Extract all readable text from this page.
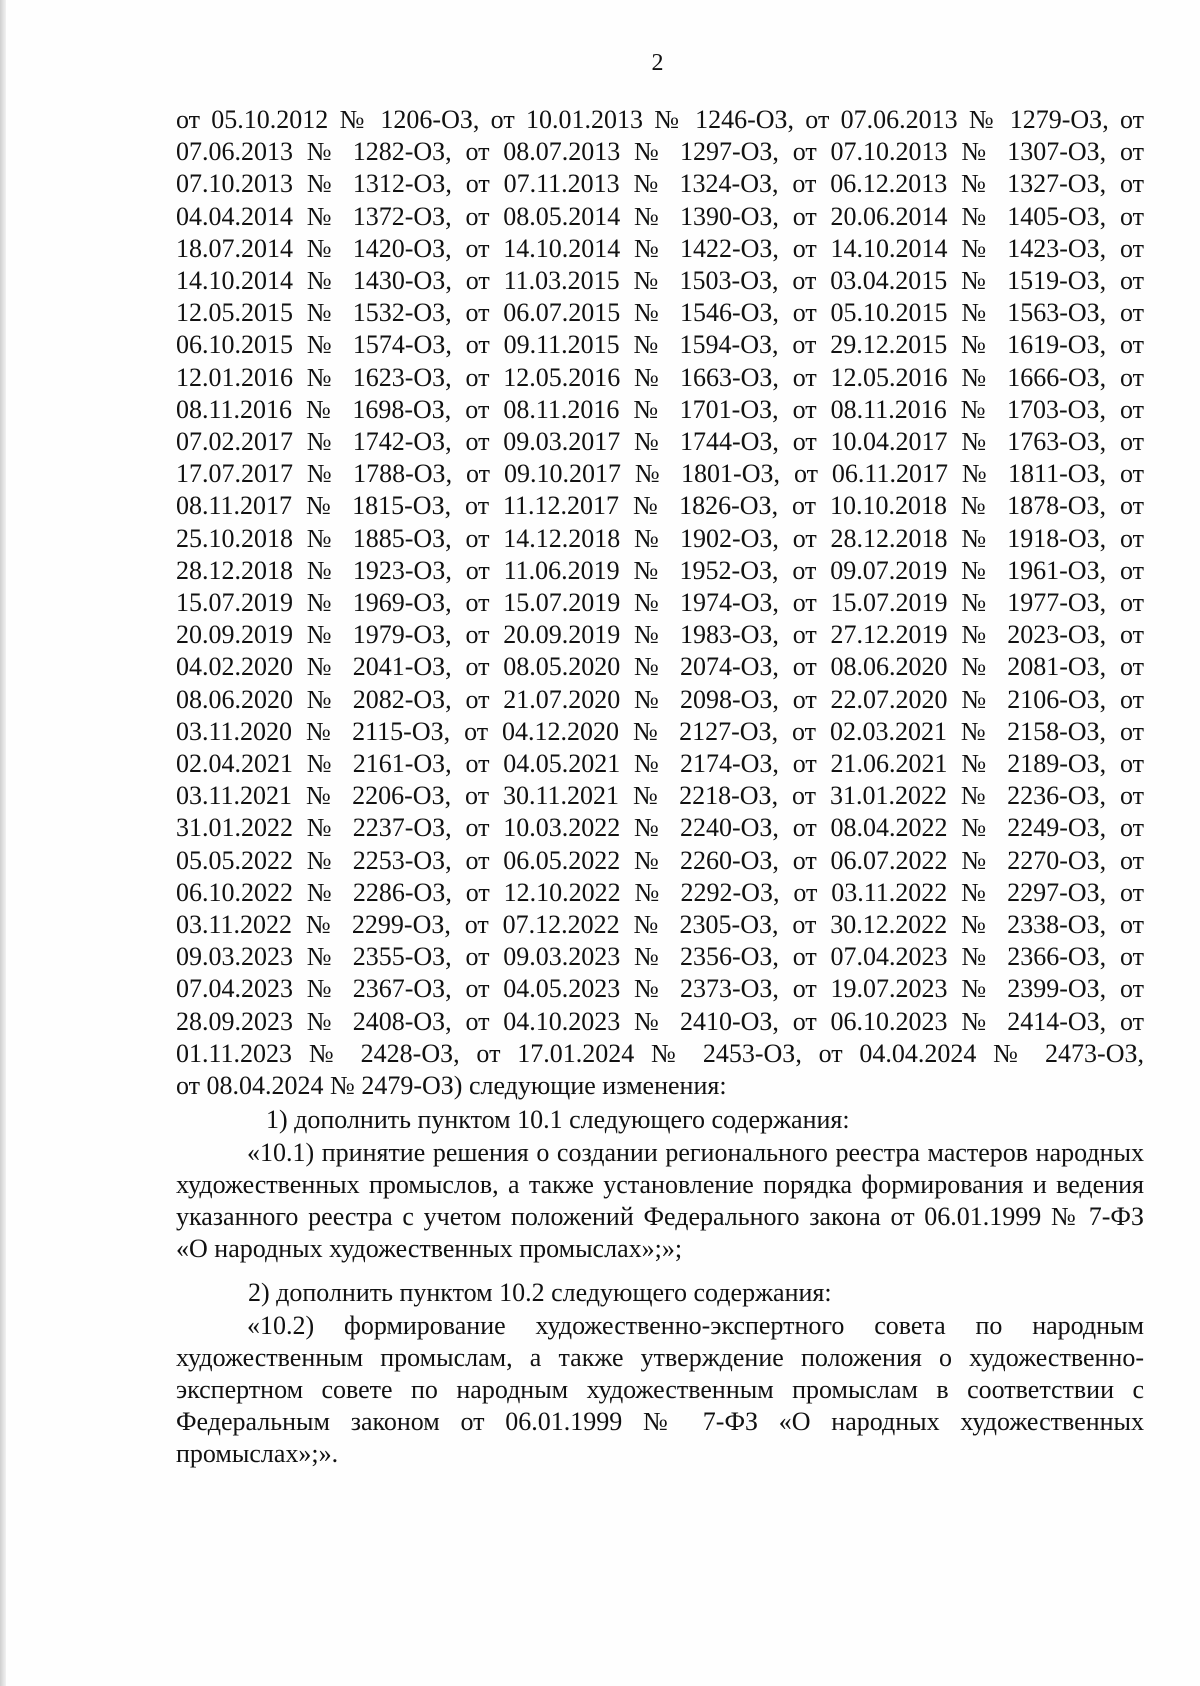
2

от 05.10.2012 № 1206-ОЗ, от 10.01.2013 № 1246-ОЗ, от 07.06.2013 № 1279-ОЗ, от 07.06.2013 № 1282-ОЗ, от 08.07.2013 № 1297-ОЗ, от 07.10.2013 № 1307-ОЗ, от 07.10.2013 № 1312-ОЗ, от 07.11.2013 № 1324-ОЗ, от 06.12.2013 № 1327-ОЗ, от 04.04.2014 № 1372-ОЗ, от 08.05.2014 № 1390-ОЗ, от 20.06.2014 № 1405-ОЗ, от 18.07.2014 № 1420-ОЗ, от 14.10.2014 № 1422-ОЗ, от 14.10.2014 № 1423-ОЗ, от 14.10.2014 № 1430-ОЗ, от 11.03.2015 № 1503-ОЗ, от 03.04.2015 № 1519-ОЗ, от 12.05.2015 № 1532-ОЗ, от 06.07.2015 № 1546-ОЗ, от 05.10.2015 № 1563-ОЗ, от 06.10.2015 № 1574-ОЗ, от 09.11.2015 № 1594-ОЗ, от 29.12.2015 № 1619-ОЗ, от 12.01.2016 № 1623-ОЗ, от 12.05.2016 № 1663-ОЗ, от 12.05.2016 № 1666-ОЗ, от 08.11.2016 № 1698-ОЗ, от 08.11.2016 № 1701-ОЗ, от 08.11.2016 № 1703-ОЗ, от 07.02.2017 № 1742-ОЗ, от 09.03.2017 № 1744-ОЗ, от 10.04.2017 № 1763-ОЗ, от 17.07.2017 № 1788-ОЗ, от 09.10.2017 № 1801-ОЗ, от 06.11.2017 № 1811-ОЗ, от 08.11.2017 № 1815-ОЗ, от 11.12.2017 № 1826-ОЗ, от 10.10.2018 № 1878-ОЗ, от 25.10.2018 № 1885-ОЗ, от 14.12.2018 № 1902-ОЗ, от 28.12.2018 № 1918-ОЗ, от 28.12.2018 № 1923-ОЗ, от 11.06.2019 № 1952-ОЗ, от 09.07.2019 № 1961-ОЗ, от 15.07.2019 № 1969-ОЗ, от 15.07.2019 № 1974-ОЗ, от 15.07.2019 № 1977-ОЗ, от 20.09.2019 № 1979-ОЗ, от 20.09.2019 № 1983-ОЗ, от 27.12.2019 № 2023-ОЗ, от 04.02.2020 № 2041-ОЗ, от 08.05.2020 № 2074-ОЗ, от 08.06.2020 № 2081-ОЗ, от 08.06.2020 № 2082-ОЗ, от 21.07.2020 № 2098-ОЗ, от 22.07.2020 № 2106-ОЗ, от 03.11.2020 № 2115-ОЗ, от 04.12.2020 № 2127-ОЗ, от 02.03.2021 № 2158-ОЗ, от 02.04.2021 № 2161-ОЗ, от 04.05.2021 № 2174-ОЗ, от 21.06.2021 № 2189-ОЗ, от 03.11.2021 № 2206-ОЗ, от 30.11.2021 № 2218-ОЗ, от 31.01.2022 № 2236-ОЗ, от 31.01.2022 № 2237-ОЗ, от 10.03.2022 № 2240-ОЗ, от 08.04.2022 № 2249-ОЗ, от 05.05.2022 № 2253-ОЗ, от 06.05.2022 № 2260-ОЗ, от 06.07.2022 № 2270-ОЗ, от 06.10.2022 № 2286-ОЗ, от 12.10.2022 № 2292-ОЗ, от 03.11.2022 № 2297-ОЗ, от 03.11.2022 № 2299-ОЗ, от 07.12.2022 № 2305-ОЗ, от 30.12.2022 № 2338-ОЗ, от 09.03.2023 № 2355-ОЗ, от 09.03.2023 № 2356-ОЗ, от 07.04.2023 № 2366-ОЗ, от 07.04.2023 № 2367-ОЗ, от 04.05.2023 № 2373-ОЗ, от 19.07.2023 № 2399-ОЗ, от 28.09.2023 № 2408-ОЗ, от 04.10.2023 № 2410-ОЗ, от 06.10.2023 № 2414-ОЗ, от 01.11.2023 № 2428-ОЗ, от 17.01.2024 № 2453-ОЗ, от 04.04.2024 № 2473-ОЗ,

от 08.04.2024 № 2479-ОЗ) следующие изменения:

1) дополнить пунктом 10.1 следующего содержания:

«10.1) принятие решения о создании регионального реестра мастеров народных художественных промыслов, а также установление порядка формирования и ведения указанного реестра с учетом положений Федерального закона от 06.01.1999 № 7-ФЗ «О народных художественных промыслах»;»;

2) дополнить пунктом 10.2 следующего содержания:

«10.2) формирование художественно-экспертного совета по народным художественным промыслам, а также утверждение положения о художественно-экспертном совете по народным художественным промыслам в соответствии с Федеральным законом от 06.01.1999 № 7-ФЗ «О народных художественных промыслах»;».
